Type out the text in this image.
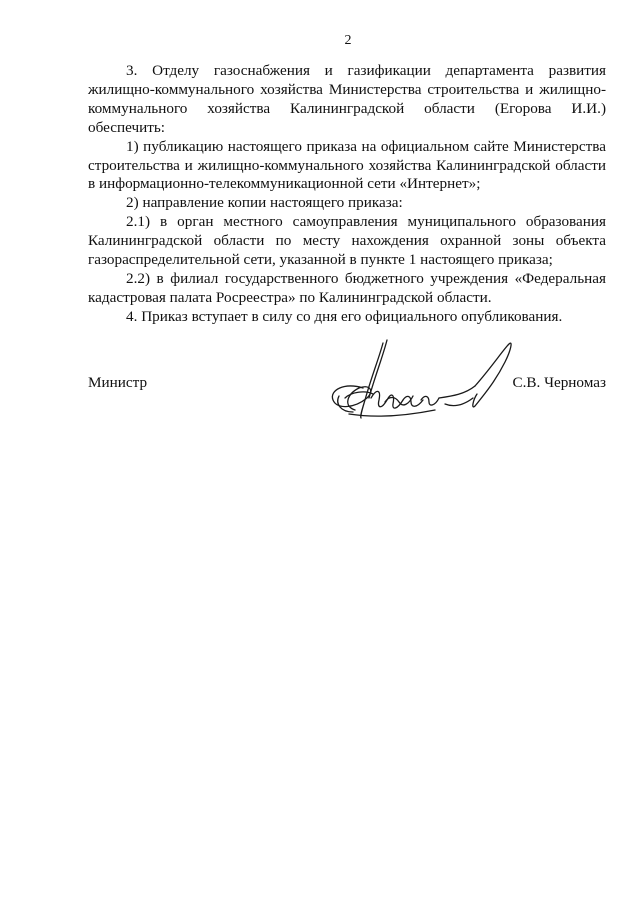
2

3. Отделу газоснабжения и газификации департамента развития жилищно-коммунального хозяйства Министерства строительства и жилищно-коммунального хозяйства Калининградской области (Егорова И.И.) обеспечить:

1) публикацию настоящего приказа на официальном сайте Министерства строительства и жилищно-коммунального хозяйства Калининградской области в информационно-телекоммуникационной сети «Интернет»;

2) направление копии настоящего приказа:

2.1) в орган местного самоуправления муниципального образования Калининградской области по месту нахождения охранной зоны объекта газораспределительной сети, указанной в пункте 1 настоящего приказа;

2.2) в филиал государственного бюджетного учреждения «Федеральная кадастровая палата Росреестра» по Калининградской области.

4. Приказ вступает в силу со дня его официального опубликования.

Министр	С.В. Черномаз
